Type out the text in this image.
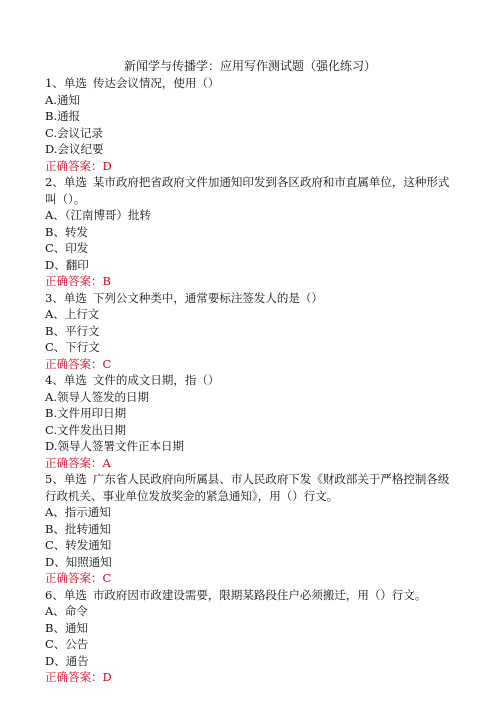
新闻学与传播学：应用写作测试题（强化练习）
1、单选 传达会议情况，使用（）
A.通知
B.通报
C.会议记录
D.会议纪要
正确答案：D
2、单选 某市政府把省政府文件加通知印发到各区政府和市直属单位，这种形式叫（）。
A、（江南博哥）批转
B、转发
C、印发
D、翻印
正确答案：B
3、单选 下列公文种类中，通常要标注签发人的是（）
A、上行文
B、平行文
C、下行文
正确答案：C
4、单选 文件的成文日期，指（）
A.领导人签发的日期
B.文件用印日期
C.文件发出日期
D.领导人签署文件正本日期
正确答案：A
5、单选 广东省人民政府向所属县、市人民政府下发《财政部关于严格控制各级行政机关、事业单位发放奖金的紧急通知》，用（）行文。
A、指示通知
B、批转通知
C、转发通知
D、知照通知
正确答案：C
6、单选 市政府因市政建设需要，限期某路段住户必须搬迁，用（）行文。
A、命令
B、通知
C、公告
D、通告
正确答案：D
